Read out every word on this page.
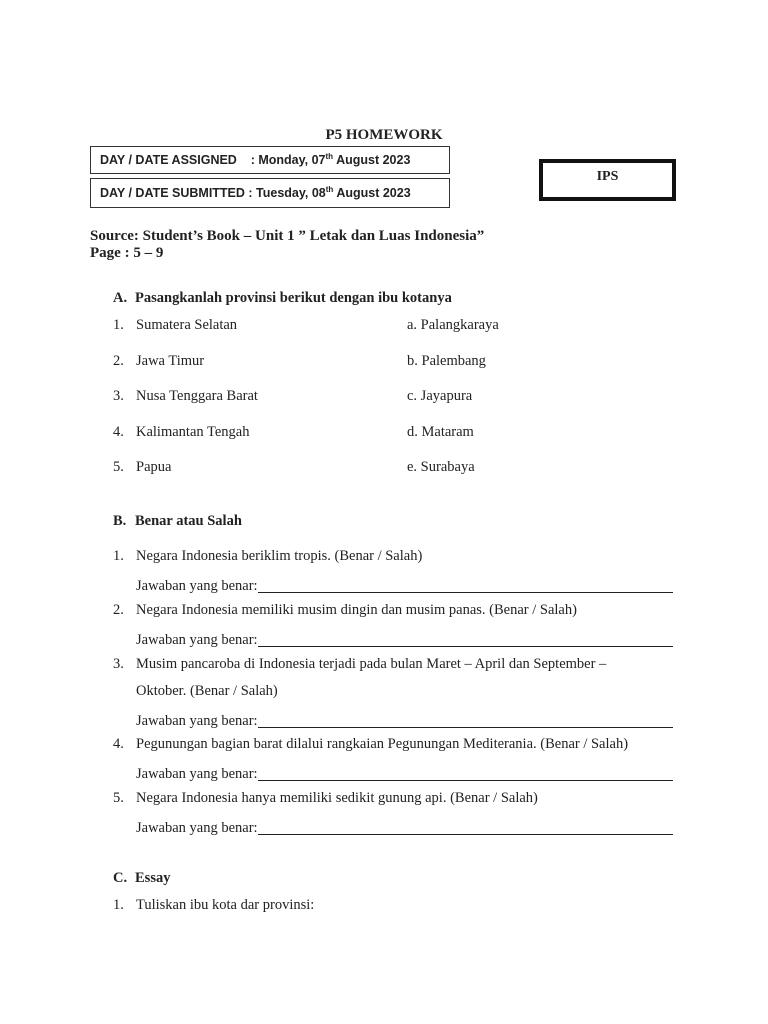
P5 HOMEWORK
DAY / DATE ASSIGNED    : Monday, 07th August 2023
DAY / DATE SUBMITTED : Tuesday, 08th August 2023
IPS
Source: Student’s Book – Unit 1 ” Letak dan Luas Indonesia”
Page : 5 – 9
A. Pasangkanlah provinsi berikut dengan ibu kotanya
1. Sumatera Selatan	a. Palangkaraya
2. Jawa Timur	b. Palembang
3. Nusa Tenggara Barat	c. Jayapura
4. Kalimantan Tengah	d. Mataram
5. Papua	e. Surabaya
B. Benar atau Salah
1. Negara Indonesia beriklim tropis. (Benar / Salah)
Jawaban yang benar:
2. Negara Indonesia memiliki musim dingin dan musim panas. (Benar / Salah)
Jawaban yang benar:
3. Musim pancaroba di Indonesia terjadi pada bulan Maret – April dan September –
Oktober. (Benar / Salah)
Jawaban yang benar:
4. Pegunungan bagian barat dilalui rangkaian Pegunungan Mediterania. (Benar / Salah)
Jawaban yang benar:
5. Negara Indonesia hanya memiliki sedikit gunung api. (Benar / Salah)
Jawaban yang benar:
C. Essay
1. Tuliskan ibu kota dar provinsi:
